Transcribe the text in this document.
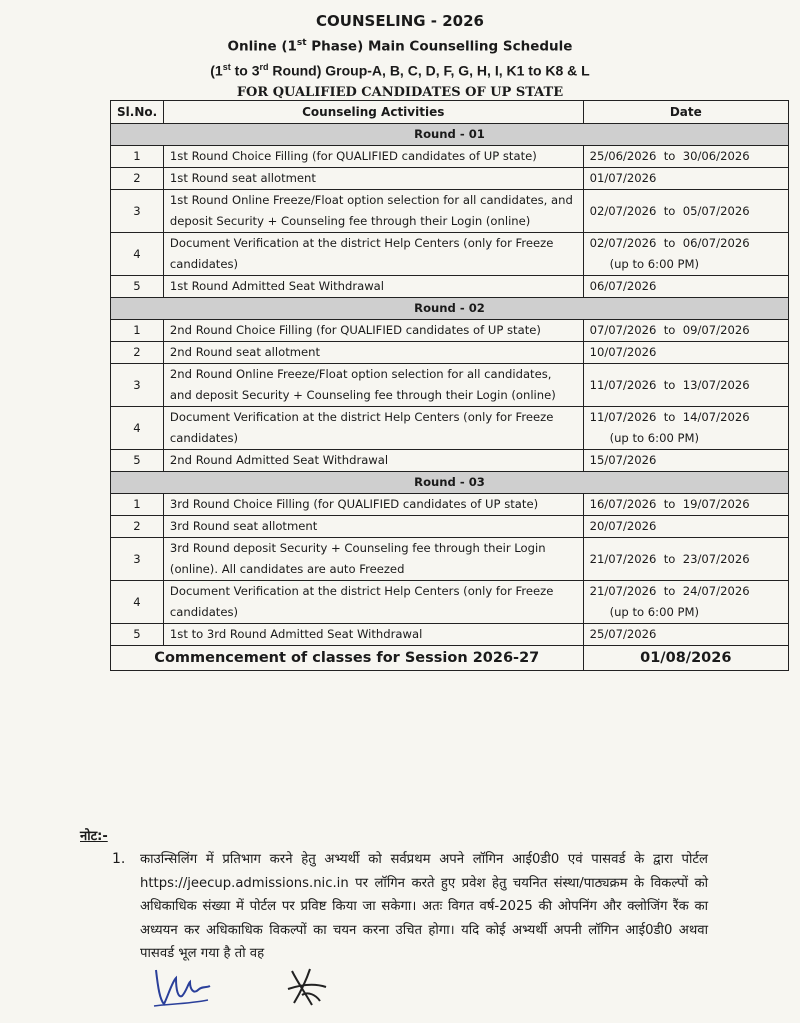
COUNSELING - 2026
Online (1st Phase) Main Counselling Schedule
(1st to 3rd Round) Group-A, B, C, D, F, G, H, I, K1 to K8 & L
FOR QUALIFIED CANDIDATES OF UP STATE
Sl.No.	Counseling Activities	Date
Round - 01		
1	1st Round Choice Filling (for QUALIFIED candidates of UP state)	25/06/2026  to  30/06/2026
2	1st Round seat allotment	01/07/2026
3	1st Round Online Freeze/Float option selection for all candidates, and deposit Security + Counseling fee through their Login (online)	02/07/2026  to  05/07/2026
4	Document Verification at the district Help Centers (only for Freeze candidates)	02/07/2026  to  06/07/2026
(up to 6:00 PM)

5	1st Round Admitted Seat Withdrawal	06/07/2026
Round - 02		
1	2nd Round Choice Filling (for QUALIFIED candidates of UP state)	07/07/2026  to  09/07/2026
2	2nd Round seat allotment	10/07/2026
3	2nd Round Online Freeze/Float option selection for all candidates, and deposit Security + Counseling fee through their Login (online)	11/07/2026  to  13/07/2026
4	Document Verification at the district Help Centers (only for Freeze candidates)	11/07/2026  to  14/07/2026
(up to 6:00 PM)

5	2nd Round Admitted Seat Withdrawal	15/07/2026
Round - 03		
1	3rd Round Choice Filling (for QUALIFIED candidates of UP state)	16/07/2026  to  19/07/2026
2	3rd Round seat allotment	20/07/2026
3	3rd Round deposit Security + Counseling fee through their Login (online). All candidates are auto Freezed	21/07/2026  to  23/07/2026
4	Document Verification at the district Help Centers (only for Freeze candidates)	21/07/2026  to  24/07/2026
(up to 6:00 PM)

5	1st to 3rd Round Admitted Seat Withdrawal	25/07/2026
Commencement of classes for Session 2026-27		01/08/2026
नोट:-
1. काउन्सिलिंग में प्रतिभाग करने हेतु अभ्यर्थी को सर्वप्रथम अपने लॉगिन आई0डी0 एवं पासवर्ड के द्वारा पोर्टल https://jeecup.admissions.nic.in पर लॉगिन करते हुए प्रवेश हेतु चयनित संस्था/पाठ्यक्रम के विकल्पों को अधिकाधिक संख्या में पोर्टल पर प्रविष्ट किया जा सकेगा। अतः विगत वर्ष-2025 की ओपनिंग और क्लोजिंग रैंक का अध्ययन कर अधिकाधिक विकल्पों का चयन करना उचित होगा। यदि कोई अभ्यर्थी अपनी लॉगिन आई0डी0 अथवा पासवर्ड भूल गया है तो वह
